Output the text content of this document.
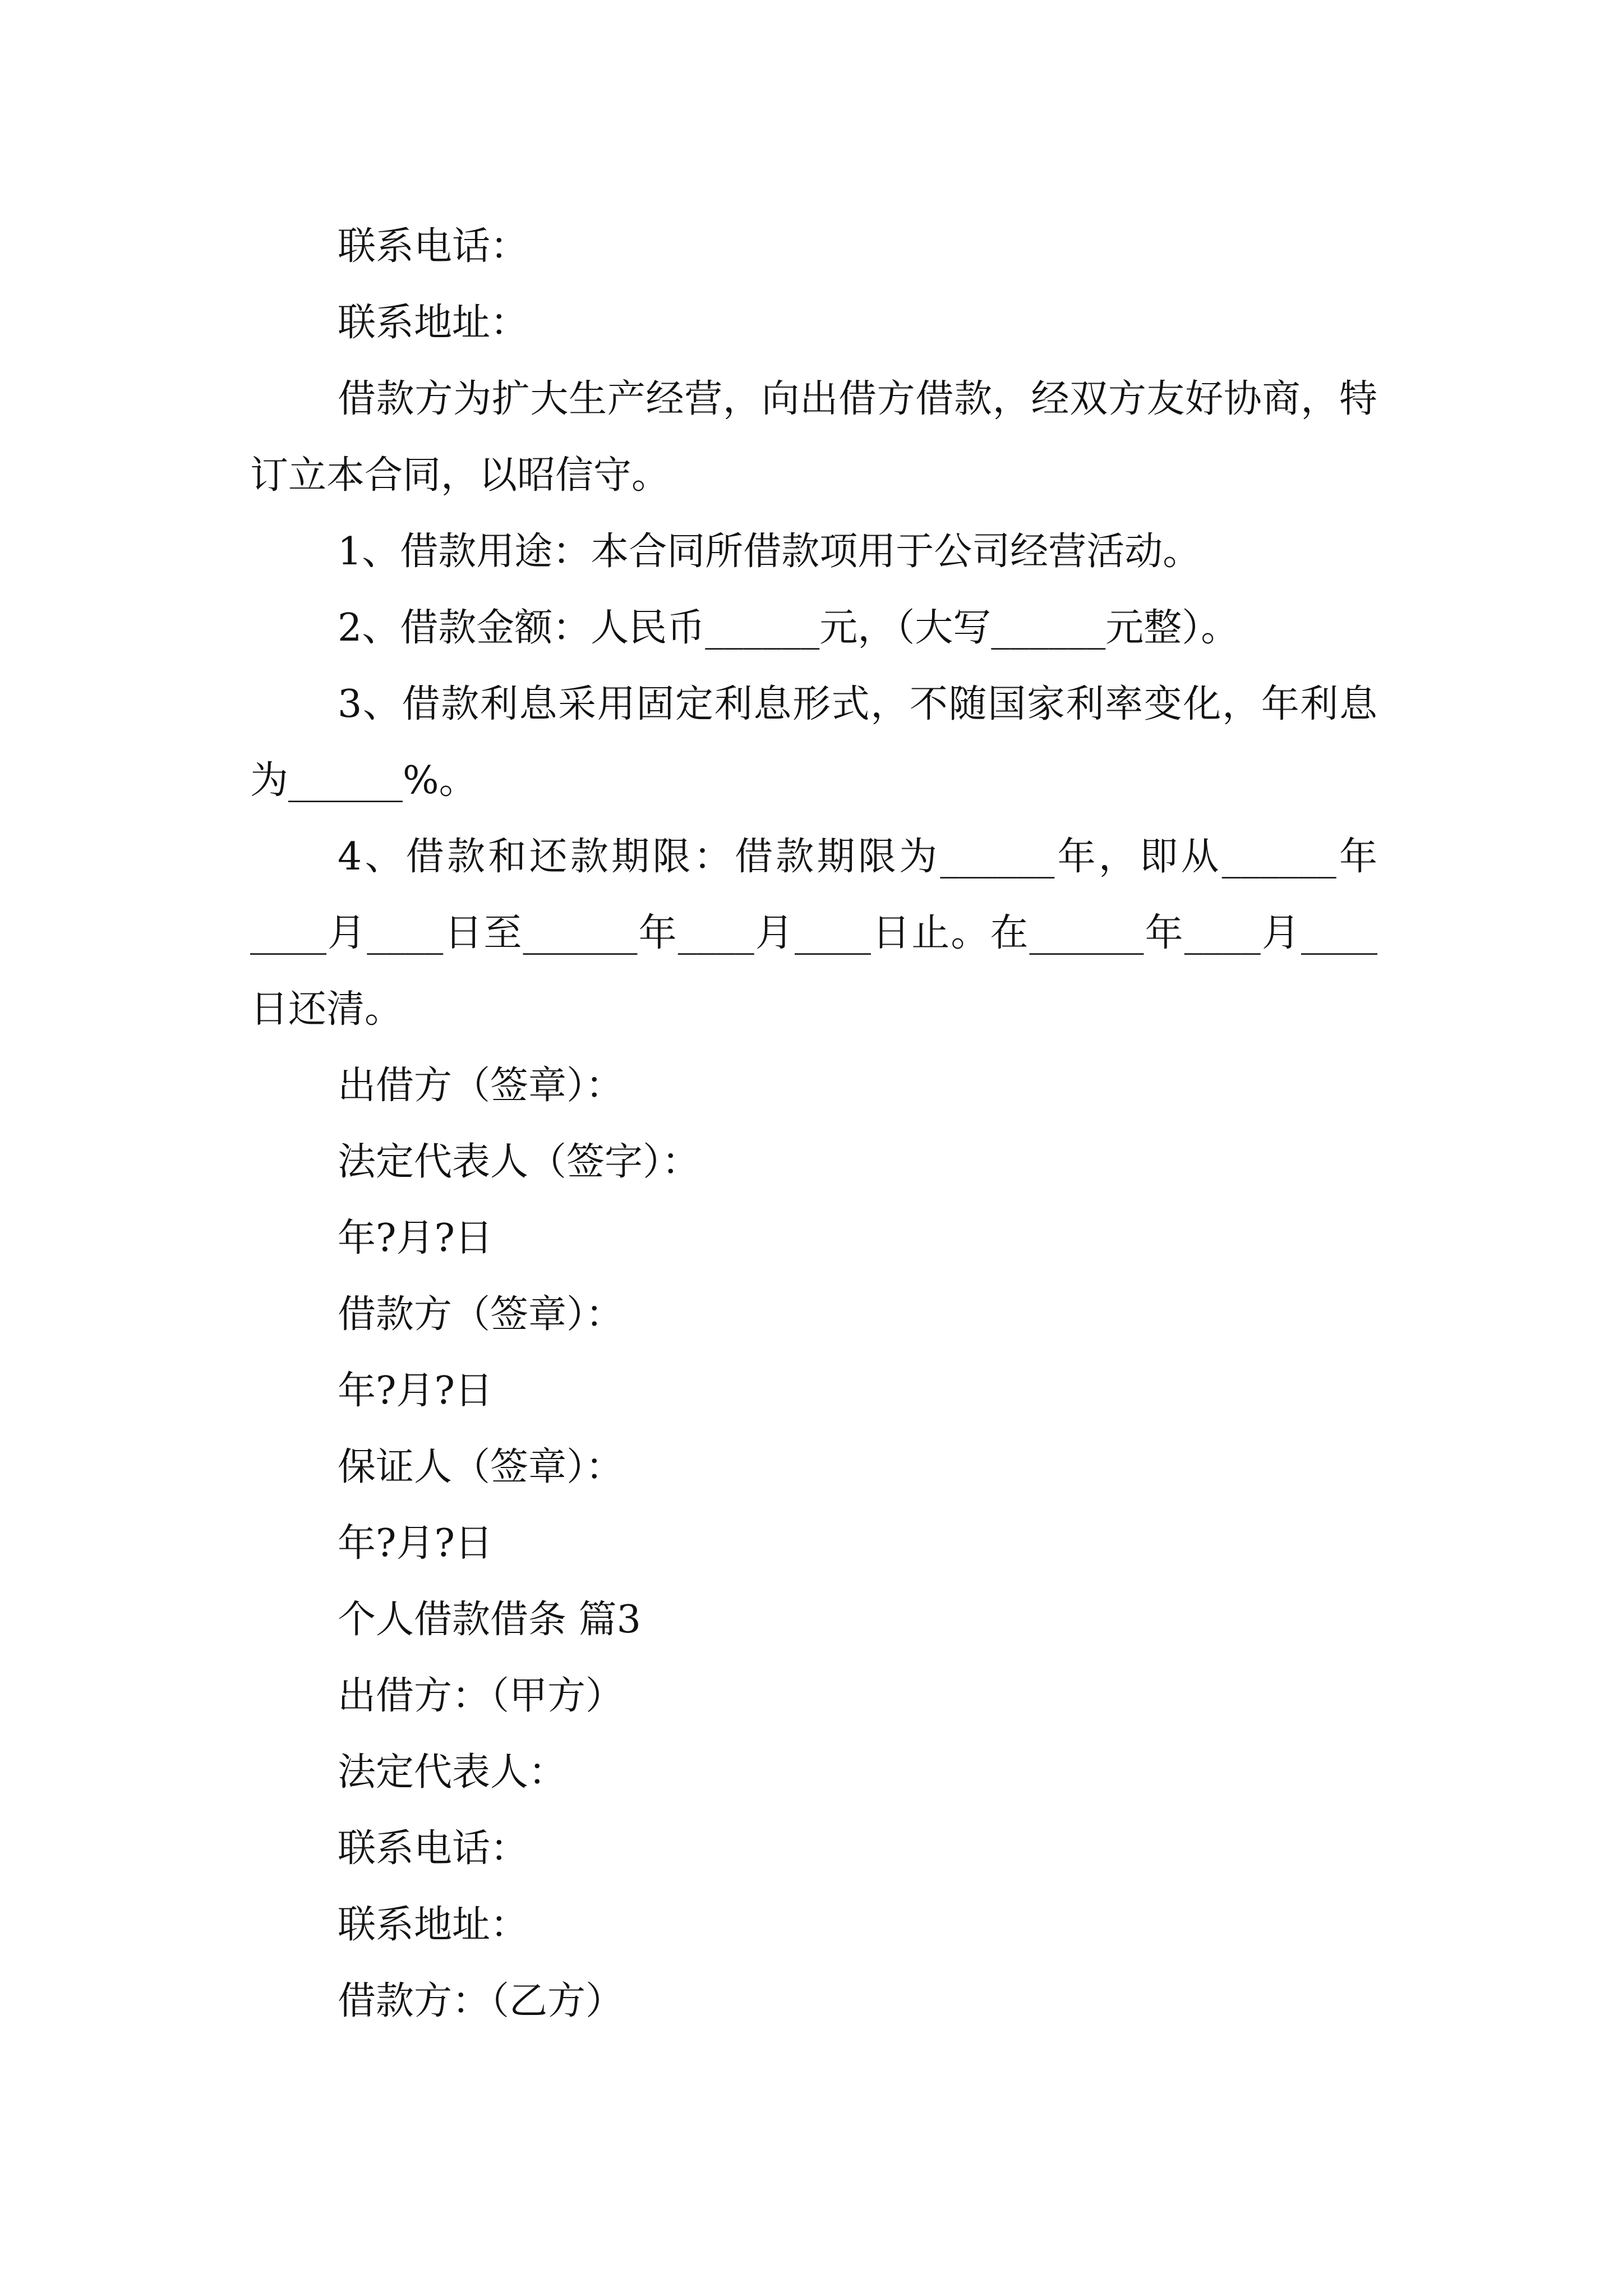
联系电话：

联系地址：

借款方为扩大生产经营，向出借方借款，经双方友好协商，特订立本合同，以昭信守。

1、借款用途：本合同所借款项用于公司经营活动。

2、借款金额：人民币______元，（大写______元整）。

3、借款利息采用固定利息形式，不随国家利率变化，年利息为______%。

4、借款和还款期限：借款期限为______年，即从______年____月____日至______年____月____日止。在______年____月____日还清。

出借方（签章）：

法定代表人（签字）：

年?月?日

借款方（签章）：

年?月?日

保证人（签章）：

年?月?日

个人借款借条 篇3

出借方：（甲方）

法定代表人：

联系电话：

联系地址：

借款方：（乙方）
